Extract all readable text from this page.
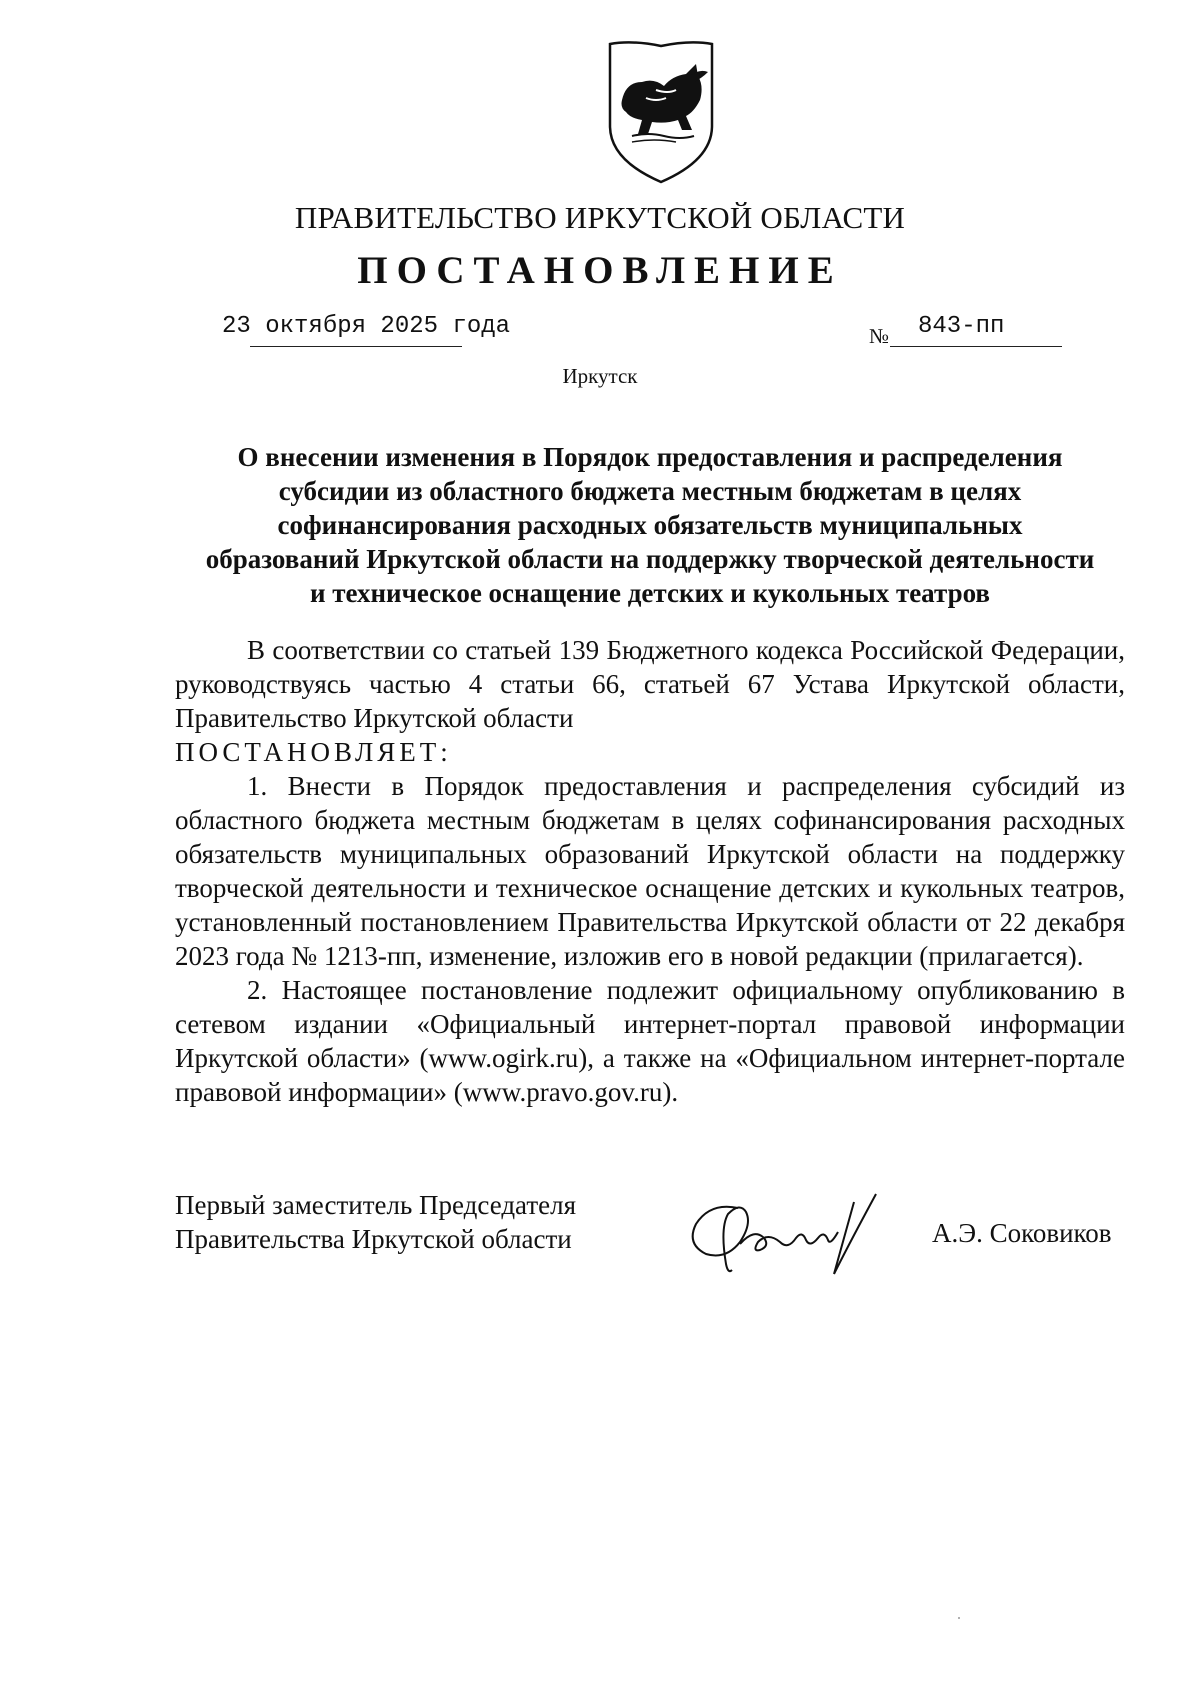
ПРАВИТЕЛЬСТВО ИРКУТСКОЙ ОБЛАСТИ
ПОСТАНОВЛЕНИЕ
23 октября 2025 года	№ 843-пп
Иркутск
О внесении изменения в Порядок предоставления и распределения
субсидии из областного бюджета местным бюджетам в целях
софинансирования расходных обязательств муниципальных
образований Иркутской области на поддержку творческой деятельности
и техническое оснащение детских и кукольных театров

В соответствии со статьей 139 Бюджетного кодекса Российской Федерации, руководствуясь частью 4 статьи 66, статьей 67 Устава Иркутской области, Правительство Иркутской области

ПОСТАНОВЛЯЕТ:

1. Внести в Порядок предоставления и распределения субсидий из областного бюджета местным бюджетам в целях софинансирования расходных обязательств муниципальных образований Иркутской области на поддержку творческой деятельности и техническое оснащение детских и кукольных театров, установленный постановлением Правительства Иркутской области от 22 декабря 2023 года № 1213-пп, изменение, изложив его в новой редакции (прилагается).

2. Настоящее постановление подлежит официальному опубликованию в сетевом издании «Официальный интернет-портал правовой информации Иркутской области» (www.ogirk.ru), а также на «Официальном интернет-портале правовой информации» (www.pravo.gov.ru).

Первый заместитель Председателя
Правительства Иркутской области	А.Э. Соковиков
